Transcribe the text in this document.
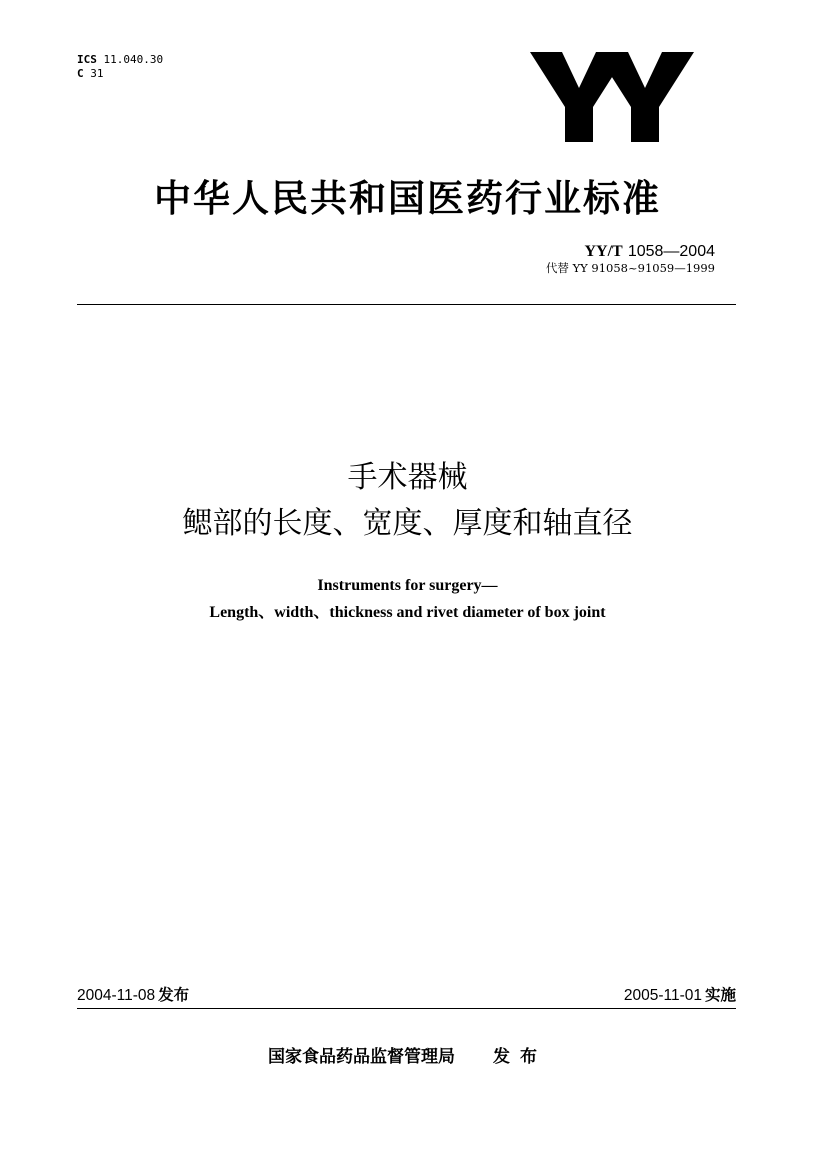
ICS 11.040.30
C 31
中华人民共和国医药行业标准
YY/T 1058—2004
代替 YY 91058~91059—1999
手术器械
鳃部的长度、宽度、厚度和轴直径
Instruments for surgery—
Length、width、thickness and rivet diameter of box joint
2004-11-08 发布	2005-11-01 实施
国家食品药品监督管理局 发布
